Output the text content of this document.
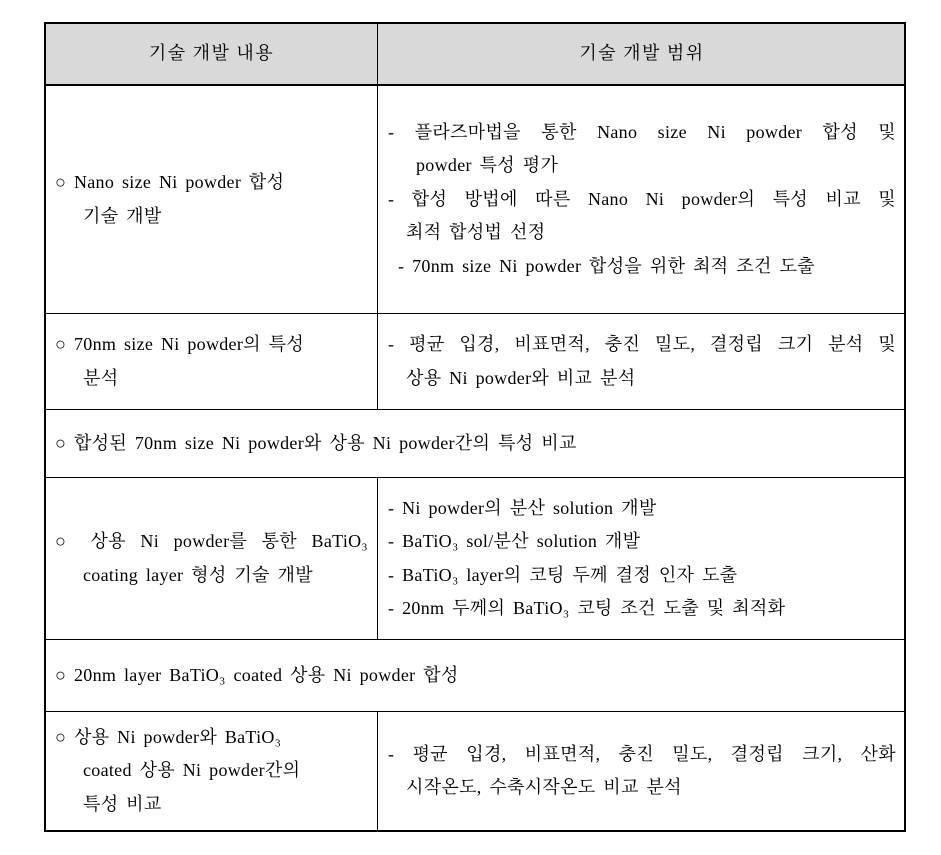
기술 개발 내용	기술 개발 범위
○ Nano size Ni powder 합성
기술 개발
- 플라즈마법을 통한 Nano size Ni powder 합성 및
powder 특성 평가
- 합성 방법에 따른 Nano Ni powder의 특성 비교 및
최적 합성법 선정
- 70nm size Ni powder 합성을 위한 최적 조건 도출
○ 70nm size Ni powder의 특성
분석
- 평균 입경, 비표면적, 충진 밀도, 결정립 크기 분석 및
상용 Ni powder와 비교 분석
○ 합성된 70nm size Ni powder와 상용 Ni powder간의 특성 비교
○ 상용 Ni powder를 통한 BaTiO₃
coating layer 형성 기술 개발
- Ni powder의 분산 solution 개발
- BaTiO₃ sol/분산 solution 개발
- BaTiO₃ layer의 코팅 두께 결정 인자 도출
- 20nm 두께의 BaTiO₃ 코팅 조건 도출 및 최적화
○ 20nm layer BaTiO₃ coated 상용 Ni powder 합성
○ 상용 Ni powder와 BaTiO₃
coated 상용 Ni powder간의
특성 비교
- 평균 입경, 비표면적, 충진 밀도, 결정립 크기, 산화
시작온도, 수축시작온도 비교 분석
